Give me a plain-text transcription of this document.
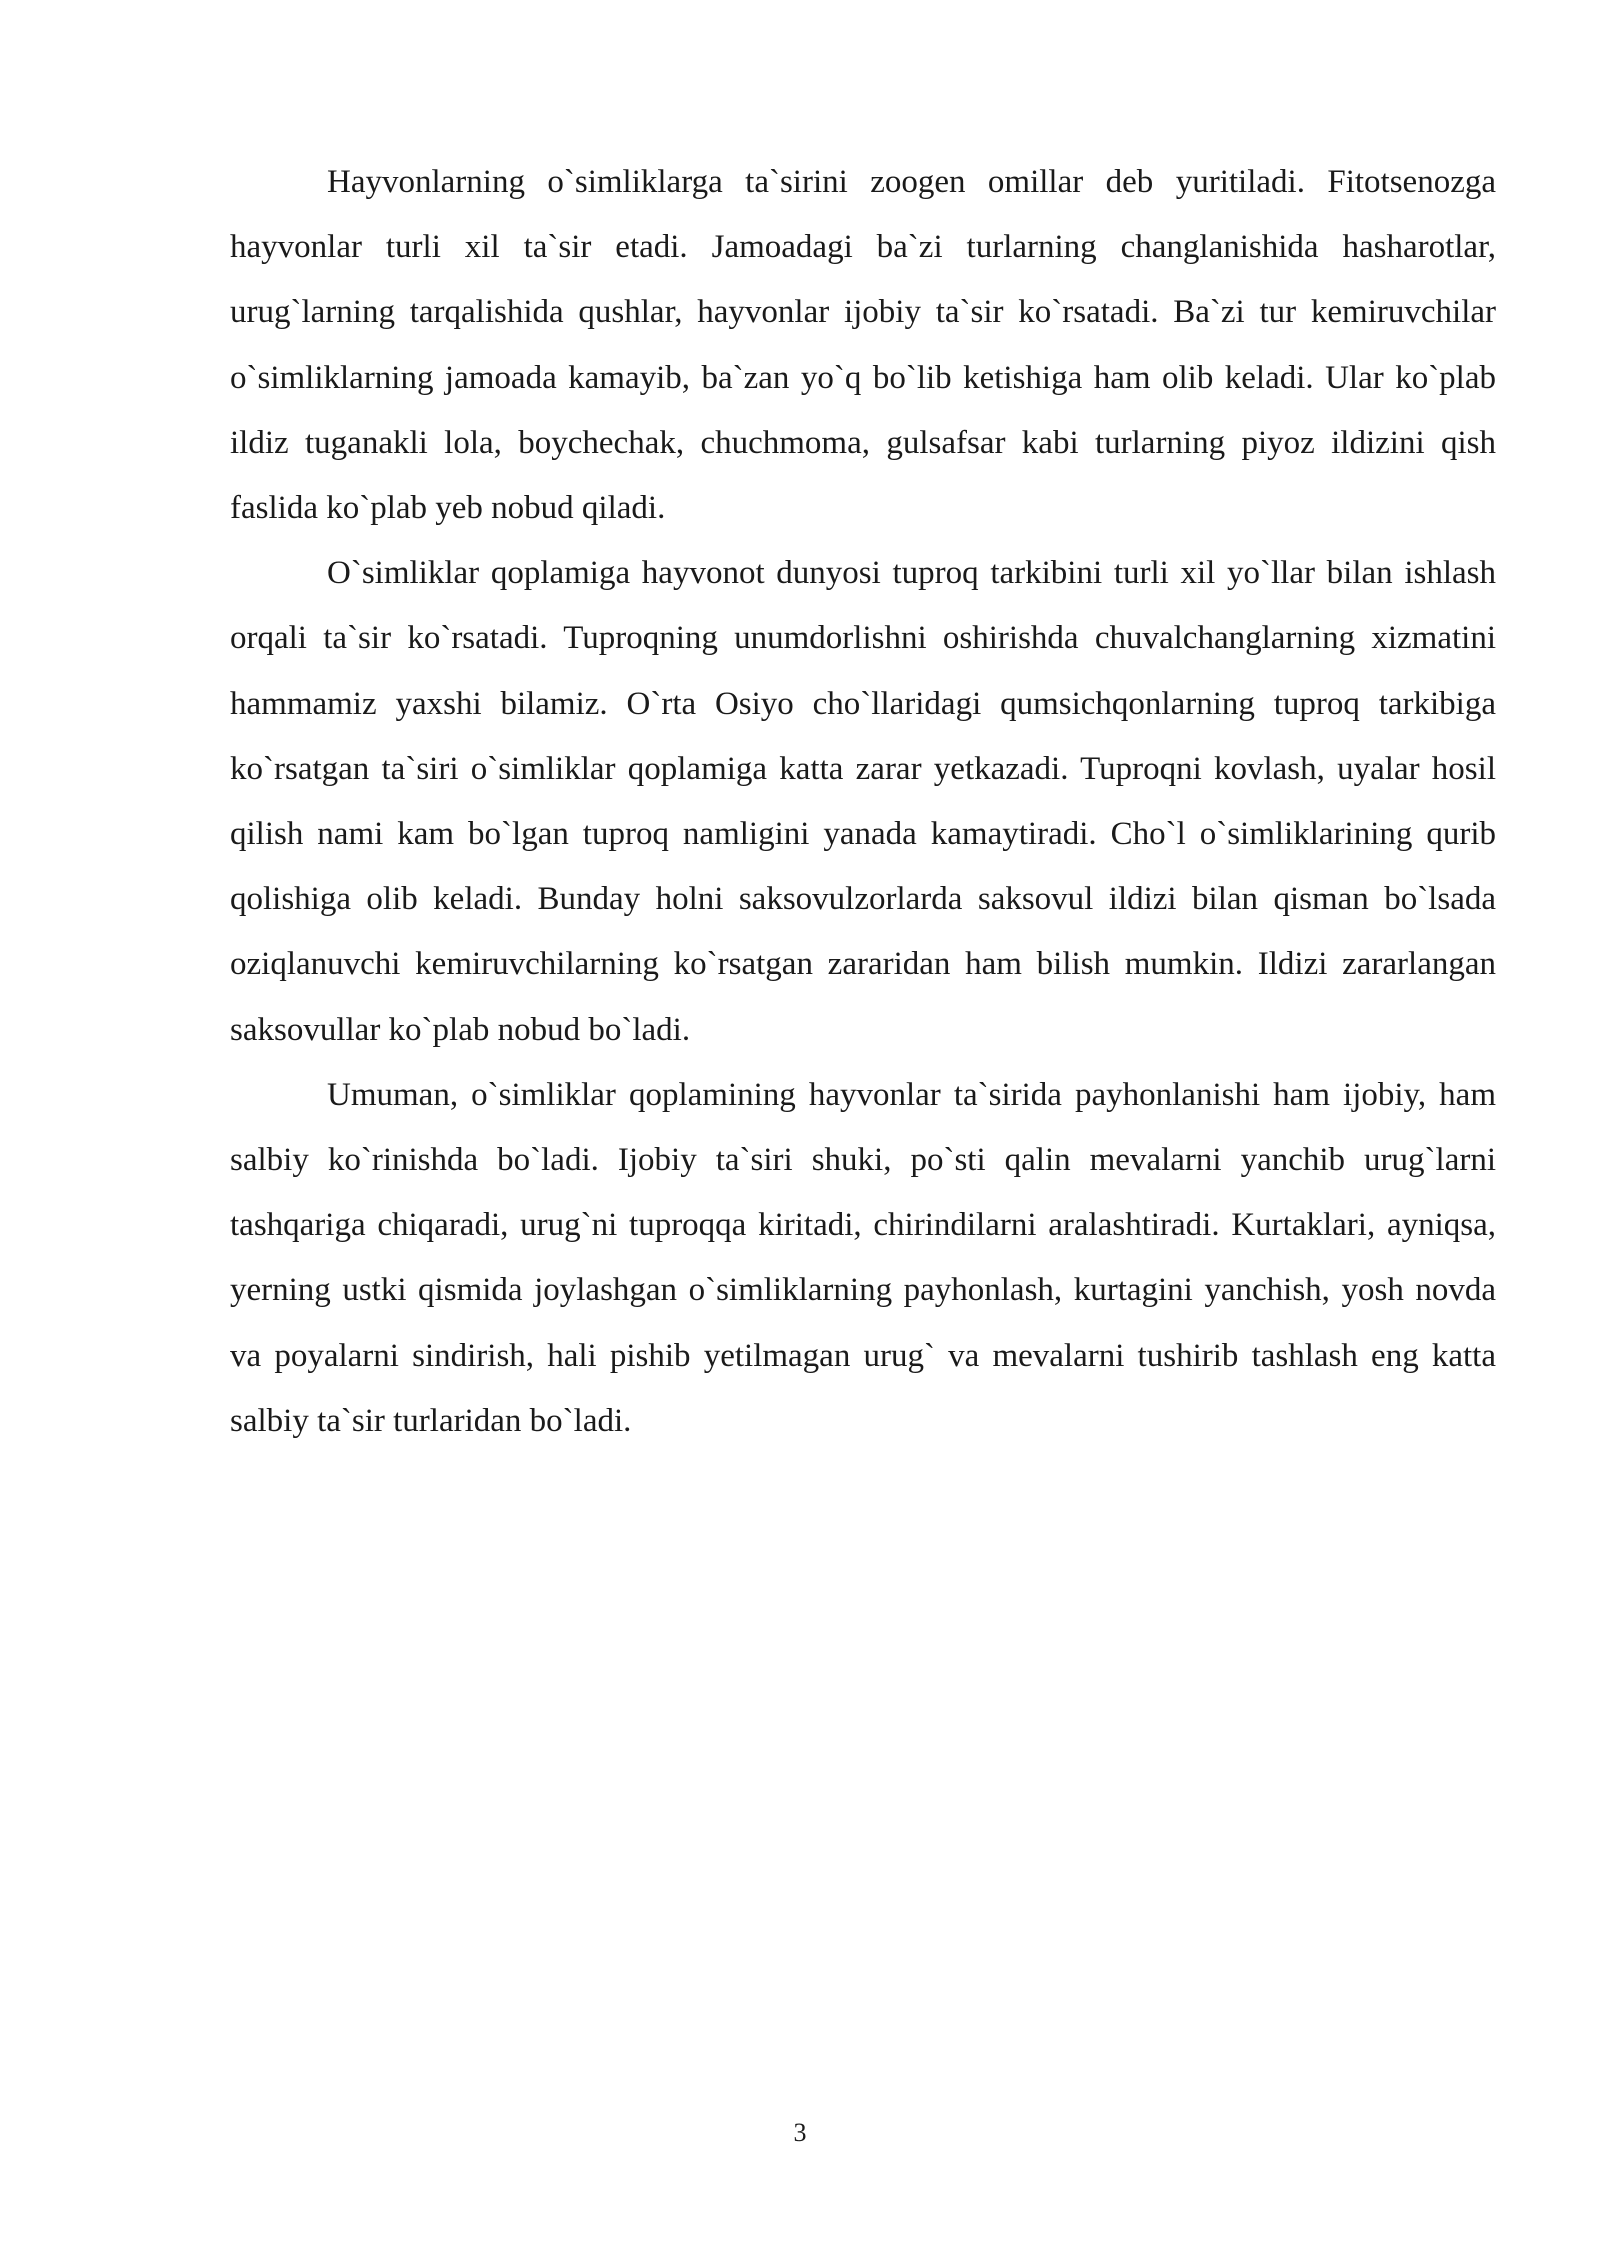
Hayvonlarning o`simliklarga ta`sirini zoogen omillar deb yuritiladi. Fitotsenozga hayvonlar turli xil ta`sir etadi. Jamoadagi ba`zi turlarning changlanishida hasharotlar, urug`larning tarqalishida qushlar, hayvonlar ijobiy ta`sir ko`rsatadi. Ba`zi tur kemiruvchilar o`simliklarning jamoada kamayib, ba`zan yo`q bo`lib ketishiga ham olib keladi. Ular ko`plab ildiz tuganakli lola, boychechak, chuchmoma, gulsafsar kabi turlarning piyoz ildizini qish faslida ko`plab yeb nobud qiladi.

O`simliklar qoplamiga hayvonot dunyosi tuproq tarkibini turli xil yo`llar bilan ishlash orqali ta`sir ko`rsatadi. Tuproqning unumdorlishni oshirishda chuvalchanglarning xizmatini hammamiz yaxshi bilamiz. O`rta Osiyo cho`llaridagi qumsichqonlarning tuproq tarkibiga ko`rsatgan ta`siri o`simliklar qoplamiga katta zarar yetkazadi. Tuproqni kovlash, uyalar hosil qilish nami kam bo`lgan tuproq namligini yanada kamaytiradi. Cho`l o`simliklarining qurib qolishiga olib keladi. Bunday holni saksovulzorlarda saksovul ildizi bilan qisman bo`lsada oziqlanuvchi kemiruvchilarning ko`rsatgan zararidan ham bilish mumkin. Ildizi zararlangan saksovullar ko`plab nobud bo`ladi.

Umuman, o`simliklar qoplamining hayvonlar ta`sirida payhonlanishi ham ijobiy, ham salbiy ko`rinishda bo`ladi. Ijobiy ta`siri shuki, po`sti qalin mevalarni yanchib urug`larni tashqariga chiqaradi, urug`ni tuproqqa kiritadi, chirindilarni aralashtiradi. Kurtaklari, ayniqsa, yerning ustki qismida joylashgan o`simliklarning payhonlash, kurtagini yanchish, yosh novda va poyalarni sindirish, hali pishib yetilmagan urug` va mevalarni tushirib tashlash eng katta salbiy ta`sir turlaridan bo`ladi.

3
